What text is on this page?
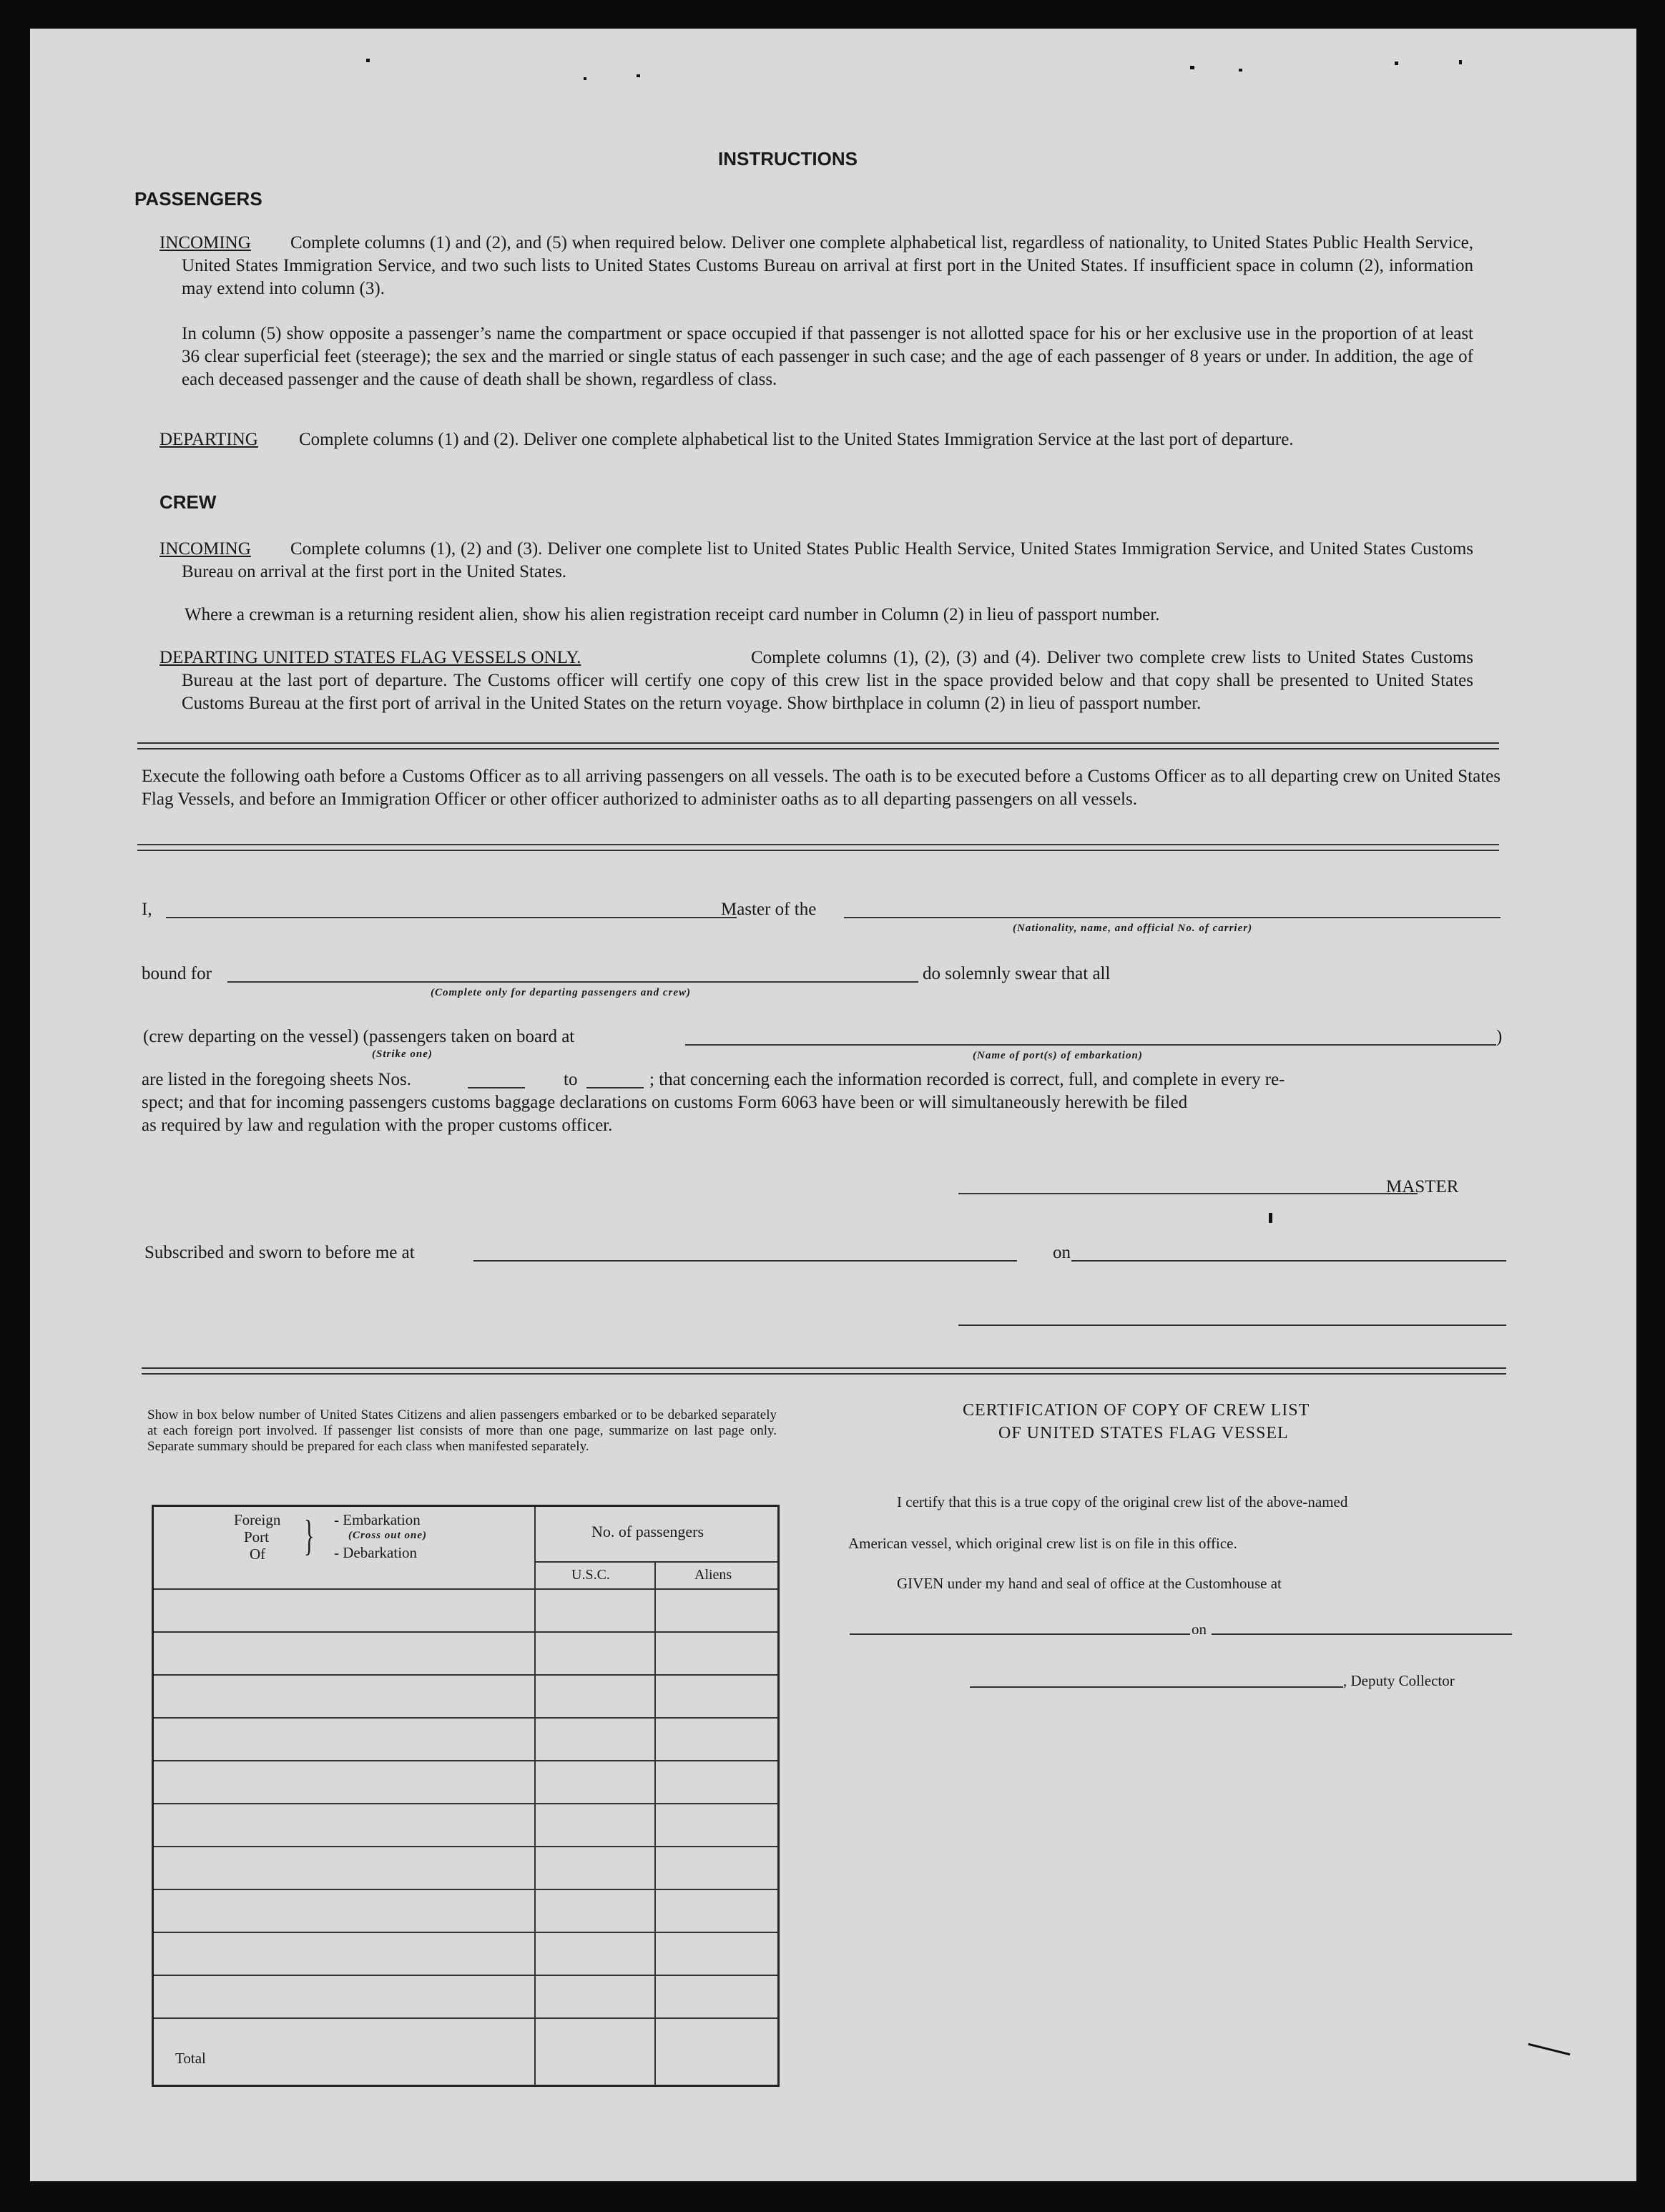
INSTRUCTIONS
PASSENGERS
INCOMING	Complete columns (1) and (2), and (5) when required below. Deliver one complete alphabetical list, regardless of nationality, to United States Public Health Service, United States Immigration Service, and two such lists to United States Customs Bureau on arrival at first port in the United States. If insufficient space in column (2), information may extend into column (3).
In column (5) show opposite a passenger’s name the compartment or space occupied if that passenger is not allotted space for his or her exclusive use in the proportion of at least 36 clear superficial feet (steerage); the sex and the married or single status of each passenger in such case; and the age of each passenger of 8 years or under. In addition, the age of each deceased passenger and the cause of death shall be shown, regardless of class.
DEPARTING	Complete columns (1) and (2). Deliver one complete alphabetical list to the United States Immigration Service at the last port of departure.
CREW
INCOMING	Complete columns (1), (2) and (3). Deliver one complete list to United States Public Health Service, United States Immigration Service, and United States Customs Bureau on arrival at the first port in the United States.
Where a crewman is a returning resident alien, show his alien registration receipt card number in Column (2) in lieu of passport number.
DEPARTING UNITED STATES FLAG VESSELS ONLY.	Complete columns (1), (2), (3) and (4). Deliver two complete crew lists to United States Customs Bureau at the last port of departure. The Customs officer will certify one copy of this crew list in the space provided below and that copy shall be presented to United States Customs Bureau at the first port of arrival in the United States on the return voyage. Show birthplace in column (2) in lieu of passport number.
Execute the following oath before a Customs Officer as to all arriving passengers on all vessels. The oath is to be executed before a Customs Officer as to all departing crew on United States Flag Vessels, and before an Immigration Officer or other officer authorized to administer oaths as to all departing passengers on all vessels.
I,	Master of the
(Nationality, name, and official No. of carrier)
bound for
(Complete only for departing passengers and crew)
do solemnly swear that all
(crew departing on the vessel) (passengers taken on board at
(Strike one)
)
(Name of port(s) of embarkation)
are listed in the foregoing sheets Nos.	to	; that concerning each the information recorded is correct, full, and complete in every re-
spect; and that for incoming passengers customs baggage declarations on customs Form 6063 have been or will simultaneously herewith be filed
as required by law and regulation with the proper customs officer.
MASTER
Subscribed and sworn to before me at	on
Show in box below number of United States Citizens and alien passengers embarked or to be debarked separately at each foreign port involved. If passenger list consists of more than one page, summarize on last page only. Separate summary should be prepared for each class when manifested separately.
Foreign
Port
Of } - Embarkation
(Cross out one)
- Debarkation
No. of passengers
U.S.C.	Aliens
Total
CERTIFICATION OF COPY OF CREW LIST
OF UNITED STATES FLAG VESSEL
I certify that this is a true copy of the original crew list of the above-named
American vessel, which original crew list is on file in this office.
GIVEN under my hand and seal of office at the Customhouse at
on
, Deputy Collector
